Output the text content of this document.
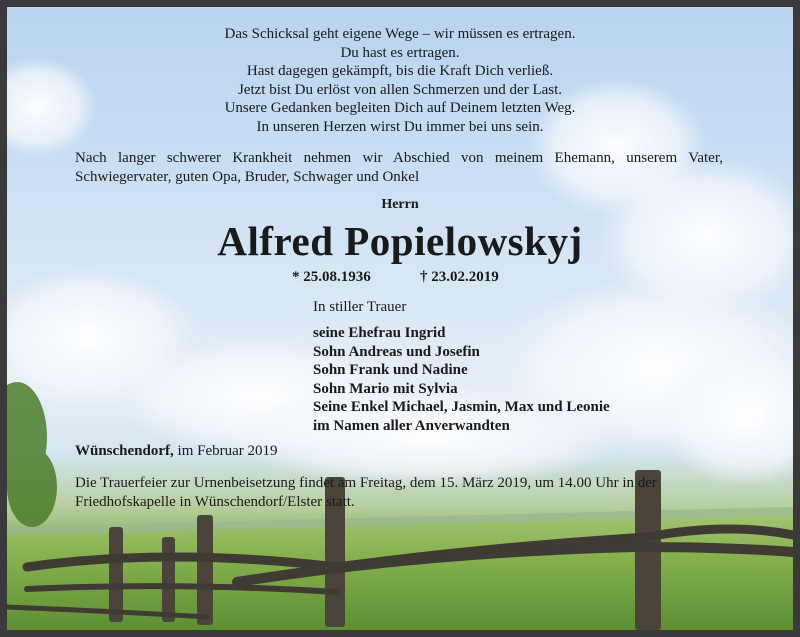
Das Schicksal geht eigene Wege – wir müssen es ertragen.
Du hast es ertragen.
Hast dagegen gekämpft, bis die Kraft Dich verließ.
Jetzt bist Du erlöst von allen Schmerzen und der Last.
Unsere Gedanken begleiten Dich auf Deinem letzten Weg.
In unseren Herzen wirst Du immer bei uns sein.
Nach langer schwerer Krankheit nehmen wir Abschied von meinem Ehemann, unserem Vater, Schwiegervater, guten Opa, Bruder, Schwager und Onkel
Herrn
Alfred Popielowskyj
* 25.08.1936	† 23.02.2019
In stiller Trauer
seine Ehefrau Ingrid
Sohn Andreas und Josefin
Sohn Frank und Nadine
Sohn Mario mit Sylvia
Seine Enkel Michael, Jasmin, Max und Leonie
im Namen aller Anverwandten
Wünschendorf, im Februar 2019
Die Trauerfeier zur Urnenbeisetzung findet am Freitag, dem 15. März 2019, um 14.00 Uhr in der Friedhofskapelle in Wünschendorf/Elster statt.
